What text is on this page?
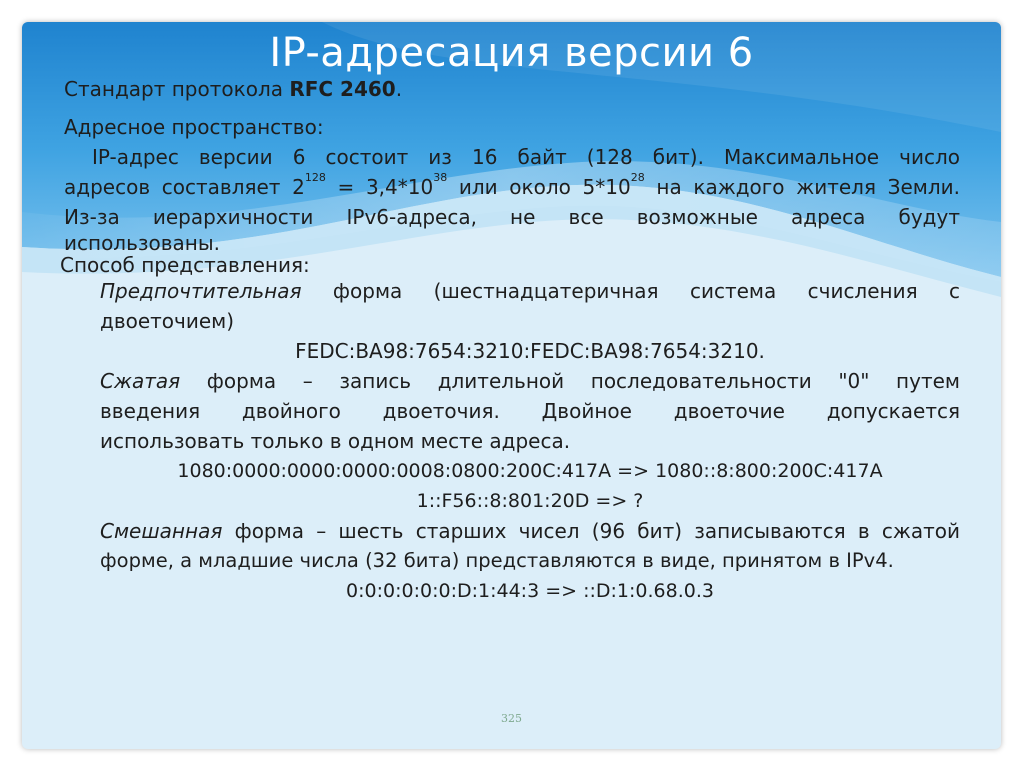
IP-адресация версии 6
Стандарт протокола RFC 2460.
Адресное пространство:
IP-адрес версии 6 состоит из 16 байт (128 бит). Максимальное число
адресов составляет $2^{128} = 3,4*10^{38}$ или около $5*10^{28}$ на каждого жителя Земли.
Из-за иерархичности IPv6-адреса, не все возможные адреса будут
использованы.
Способ представления:
Предпочтительная форма (шестнадцатеричная система счисления с
двоеточием)
FEDC:BA98:7654:3210:FEDC:BA98:7654:3210.
Сжатая форма – запись длительной последовательности "0" путем
введения двойного двоеточия. Двойное двоеточие допускается
использовать только в одном месте адреса.
1080:0000:0000:0000:0008:0800:200C:417A => 1080::8:800:200C:417A
1::F56::8:801:20D => ?
Смешанная форма – шесть старших чисел (96 бит) записываются в сжатой
форме, а младшие числа (32 бита) представляются в виде, принятом в IPv4.
0:0:0:0:0:0:D:1:44:3 => ::D:1:0.68.0.3
325
